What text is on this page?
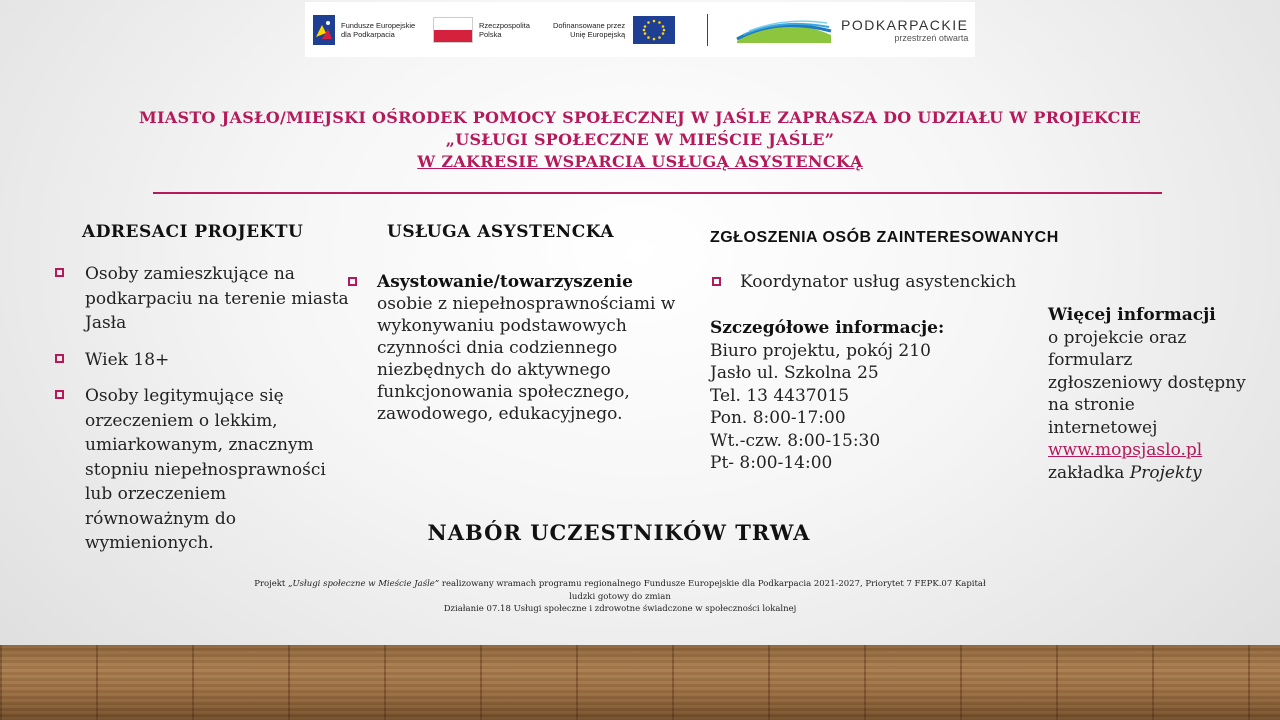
Fundusze Europejskie
dla Podkarpacia
Rzeczpospolita
Polska
Dofinansowane przez
Unię Europejską
PODKARPACKIE
przestrzeń otwarta
MIASTO JASŁO/MIEJSKI OŚRODEK POMOCY SPOŁECZNEJ W JAŚLE ZAPRASZA DO UDZIAŁU W PROJEKCIE
„USŁUGI SPOŁECZNE W MIEŚCIE JAŚLE”
W ZAKRESIE WSPARCIA USŁUGĄ ASYSTENCKĄ
ADRESACI PROJEKTU
Osoby zamieszkujące na podkarpaciu na terenie miasta Jasła
Wiek 18+
Osoby legitymujące się orzeczeniem o lekkim, umiarkowanym, znacznym stopniu niepełnosprawności lub orzeczeniem równoważnym do wymienionych.
USŁUGA ASYSTENCKA
Asystowanie/towarzyszenie osobie z niepełnosprawnościami w wykonywaniu podstawowych czynności dnia codziennego niezbędnych do aktywnego funkcjonowania społecznego, zawodowego, edukacyjnego.
ZGŁOSZENIA OSÓB ZAINTERESOWANYCH
Koordynator usług asystenckich
Szczegółowe informacje:
Biuro projektu, pokój 210
Jasło ul. Szkolna 25
Tel. 13 4437015
Pon. 8:00-17:00
Wt.-czw. 8:00-15:30
Pt- 8:00-14:00
Więcej informacji
o projekcie oraz formularz zgłoszeniowy dostępny na stronie internetowej
www.mopsjaslo.pl
zakładka Projekty
NABÓR UCZESTNIKÓW TRWA
Projekt „Usługi społeczne w Mieście Jaśle” realizowany wramach programu regionalnego Fundusze Europejskie dla Podkarpacia 2021-2027, Priorytet 7 FEPK.07 Kapitał
ludzki gotowy do zmian
Działanie 07.18 Usługi społeczne i zdrowotne świadczone w społeczności lokalnej
